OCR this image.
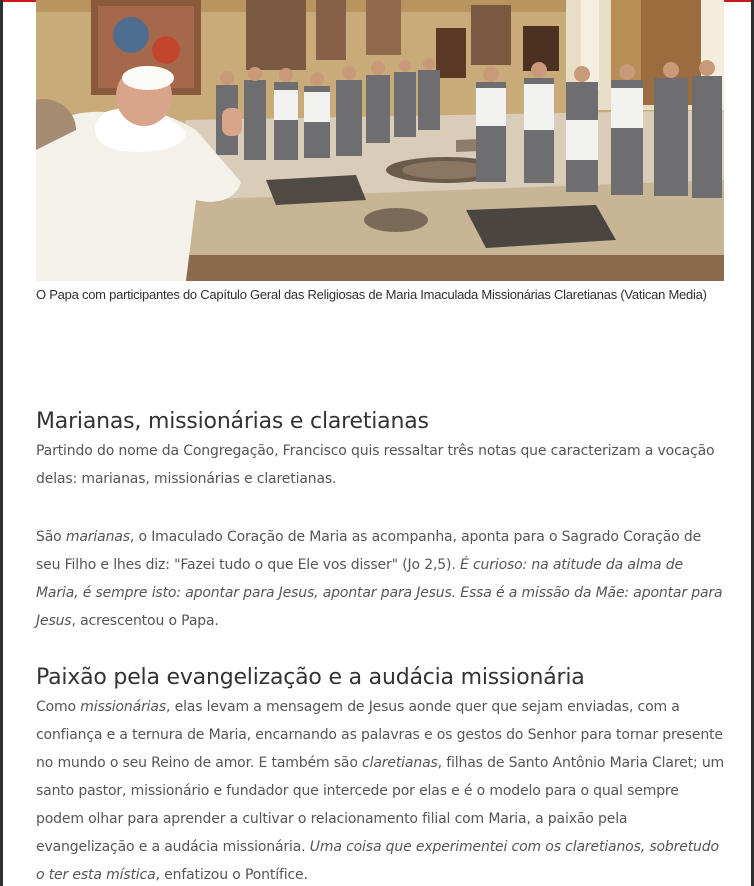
O Papa com participantes do Capítulo Geral das Religiosas de Maria Imaculada Missionárias Claretianas (Vatican Media)
Marianas, missionárias e claretianas

Partindo do nome da Congregação, Francisco quis ressaltar três notas que caracterizam a vocação delas: marianas, missionárias e claretianas.

São marianas, o Imaculado Coração de Maria as acompanha, aponta para o Sagrado Coração de seu Filho e lhes diz: "Fazei tudo o que Ele vos disser" (Jo 2,5). É curioso: na atitude da alma de Maria, é sempre isto: apontar para Jesus, apontar para Jesus. Essa é a missão da Mãe: apontar para Jesus, acrescentou o Papa.

Paixão pela evangelização e a audácia missionária

Como missionárias, elas levam a mensagem de Jesus aonde quer que sejam enviadas, com a confiança e a ternura de Maria, encarnando as palavras e os gestos do Senhor para tornar presente no mundo o seu Reino de amor. E também são claretianas, filhas de Santo Antônio Maria Claret; um santo pastor, missionário e fundador que intercede por elas e é o modelo para o qual sempre podem olhar para aprender a cultivar o relacionamento filial com Maria, a paixão pela evangelização e a audácia missionária. Uma coisa que experimentei com os claretianos, sobretudo o ter esta mística, enfatizou o Pontífice.
